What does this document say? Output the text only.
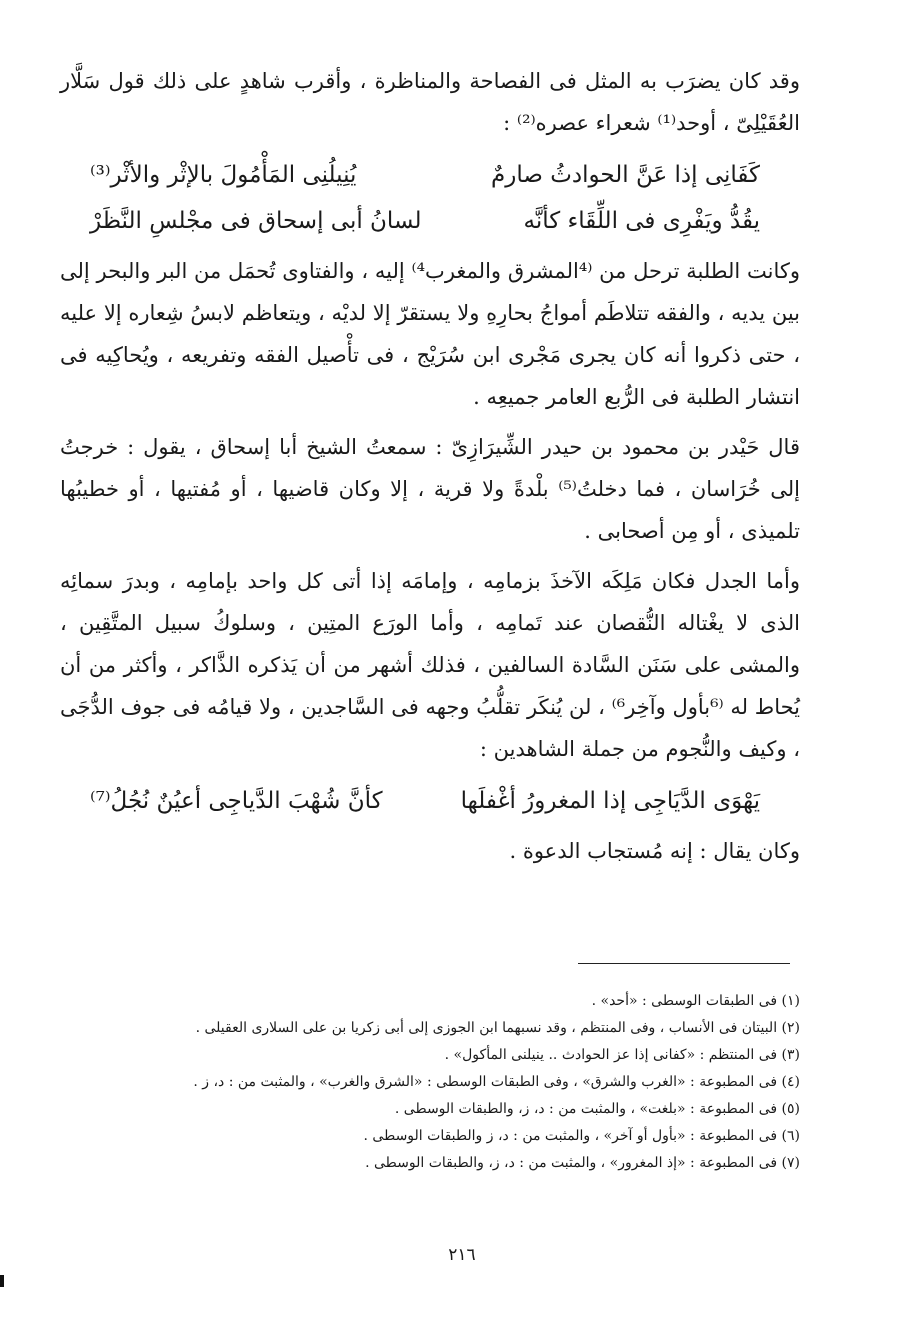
وقد كان يضرَب به المثل فى الفصاحة والمناظرة ، وأقرب شاهدٍ على ذلك قول سَلَّار العُقَيْلِىّ ، أوحد⁽¹⁾ شعراء عصره⁽²⁾ :

كَفَانِى إذا عَنَّ الحوادثُ صارمٌ
يُنِيلُنِى المَأْمُولَ بالإثْر والأثْر⁽³⁾
يقُدُّ ويَفْرِى فى اللِّقَاء كأنَّه
لسانُ أبى إسحاق فى مجْلسِ النَّظَرْ

وكانت الطلبة ترحل من ⁽⁴المشرق والمغرب⁴⁾ إليه ، والفتاوى تُحمَل من البر والبحر إلى بين يديه ، والفقه تتلاطَم أمواجُ بحارِهِ ولا يستقرّ إلا لديْه ، ويتعاظم لابسُ شِعاره إلا عليه ، حتى ذكروا أنه كان يجرى مَجْرى ابن سُرَيْج ، فى تأْصيل الفقه وتفريعه ، ويُحاكِيه فى انتشار الطلبة فى الرُّبع العامر جميعِه .

قال حَيْدر بن محمود بن حيدر الشِّيرَازِىّ : سمعتُ الشيخ أبا إسحاق ، يقول : خرجتُ إلى خُرَاسان ، فما دخلتُ⁽⁵⁾ بلْدةً ولا قرية ، إلا وكان قاضيها ، أو مُفتيها ، أو خطيبُها تلميذى ، أو مِن أصحابى .

وأما الجدل فكان مَلِكَه الآخذَ بزمامِه ، وإمامَه إذا أتى كل واحد بإمامِه ، وبدرَ سمائِه الذى لا يغْتاله النُّقصان عند تَمامِه ، وأما الورَع المتِين ، وسلوكُ سبيل المتَّقِين ، والمشى على سَنَن السَّادة السالفين ، فذلك أشهر من أن يَذكره الذَّاكر ، وأكثر من أن يُحاط له ⁽⁶بأول وآخِر⁶⁾ ، لن يُنكَر تقلُّبُ وجهه فى السَّاجدين ، ولا قيامُه فى جوف الدُّجَى ، وكيف والنُّجوم من جملة الشاهدين :

يَهْوَى الدَّيَاجِى إذا المغرورُ أغْفلَها
كأنَّ شُهْبَ الدَّياجِى أعيُنٌ نُجُلُ⁽⁷⁾

وكان يقال : إنه مُستجاب الدعوة .

(١) فى الطبقات الوسطى : «أحد» .
(٢) البيتان فى الأنساب ، وفى المنتظم ، وقد نسبهما ابن الجوزى إلى أبى زكريا بن على السلارى العقيلى .
(٣) فى المنتظم : «كفانى إذا عز الحوادث .. ينيلنى المأكول» .
(٤) فى المطبوعة : «الغرب والشرق» ، وفى الطبقات الوسطى : «الشرق والغرب» ، والمثبت من : د، ز .
(٥) فى المطبوعة : «بلغت» ، والمثبت من : د، ز، والطبقات الوسطى .
(٦) فى المطبوعة : «بأول أو آخر» ، والمثبت من : د، ز والطبقات الوسطى .
(٧) فى المطبوعة : «إذ المغرور» ، والمثبت من : د، ز، والطبقات الوسطى .
٢١٦
